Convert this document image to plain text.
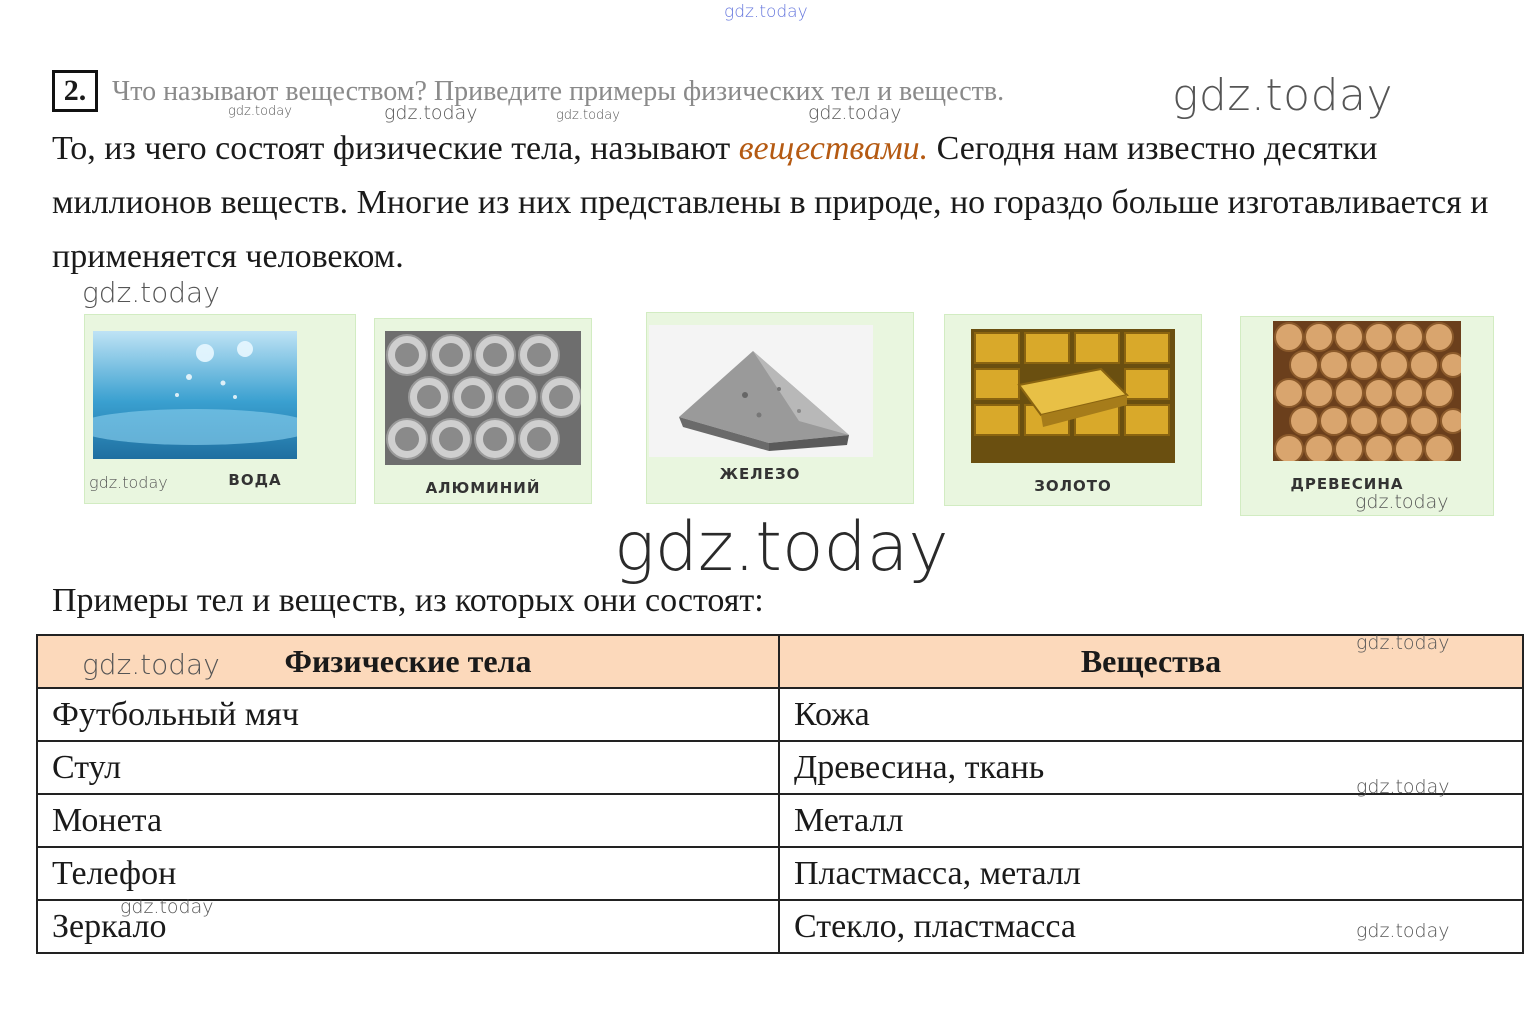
gdz.today
gdz.today	gdz.today	gdz.today	gdz.today	gdz.today
gdz.today
gdz.today
gdz.today
gdz.today
gdz.today
gdz.today
gdz.today
2. Что называют веществом? Приведите примеры физических тел и веществ.
То, из чего состоят физические тела, называют веществами. Сегодня нам известно десятки миллионов веществ. Многие из них представлены в природе, но гораздо больше изготавливается и применяется человеком.
ВОДА
gdz.today	АЛЮМИНИЙ
ЖЕЛЕЗО
ЗОЛОТО	ДРЕВЕСИНА
gdz.today
Примеры тел и веществ, из которых они состоят:
Физические тела	Вещества
Футбольный мяч	Кожа
Стул	Древесина, ткань
Монета	Металл
Телефон	Пластмасса, металл
Зеркало	Стекло, пластмасса
